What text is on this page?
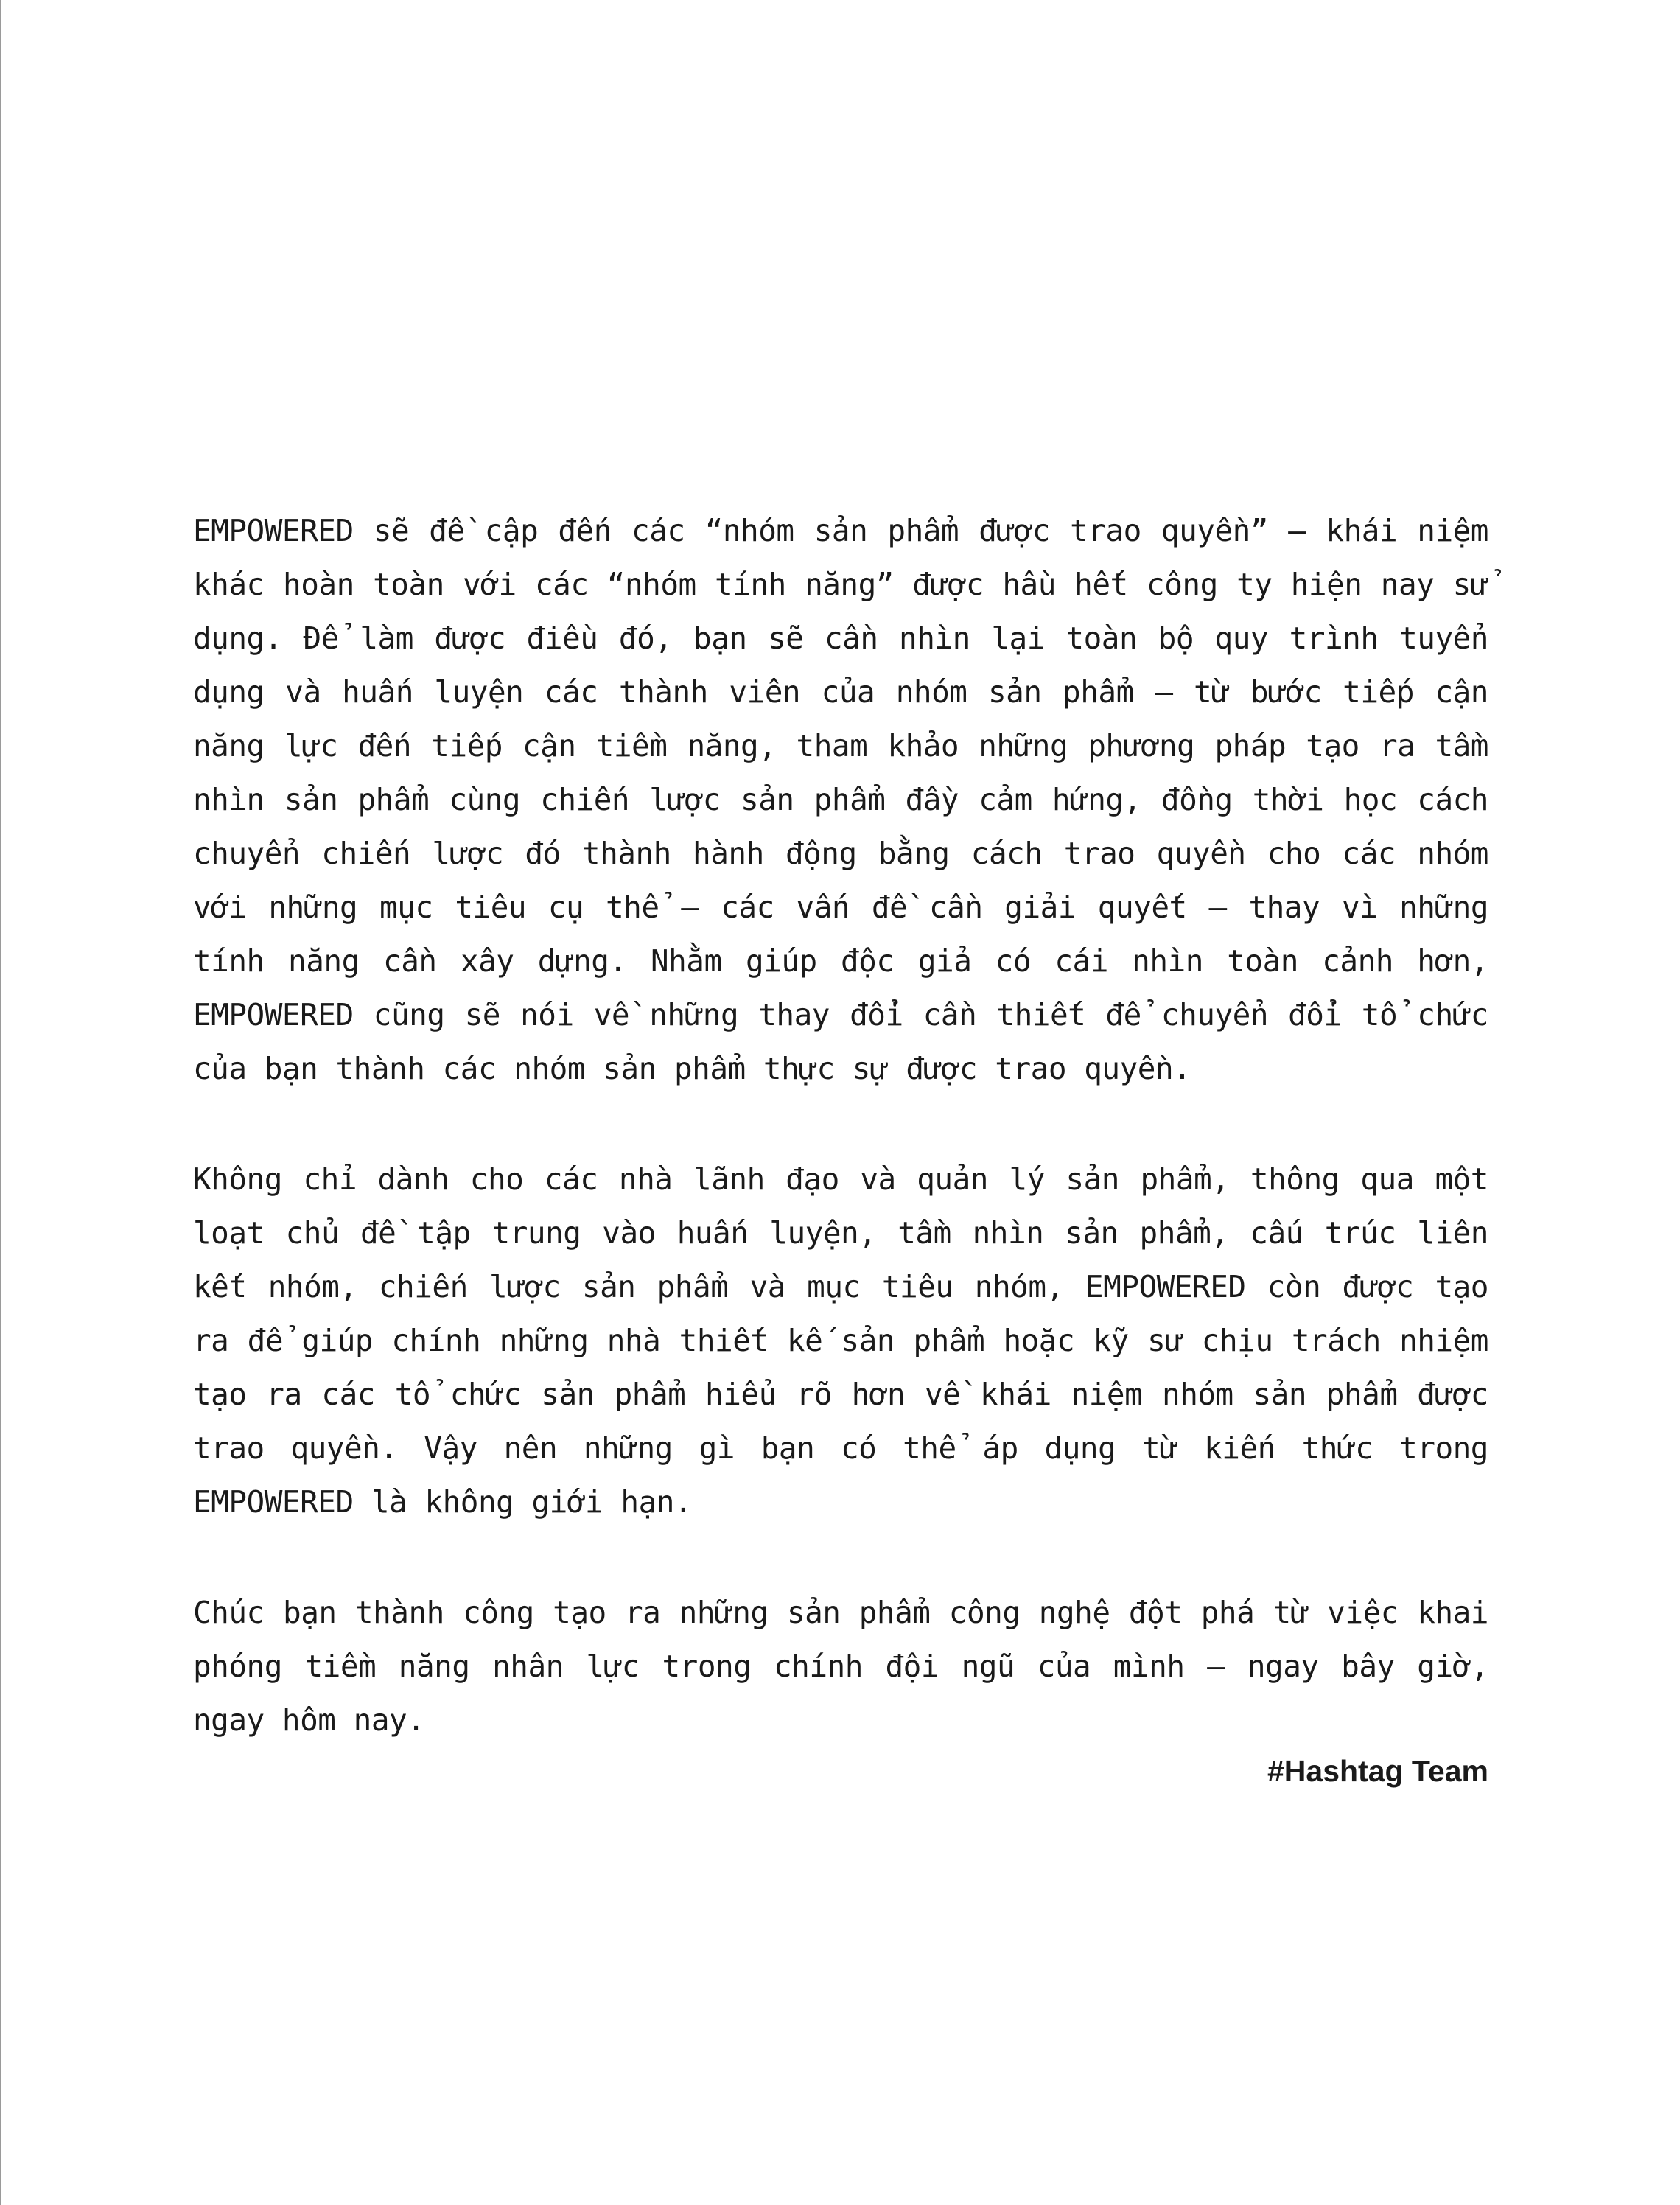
EMPOWERED sẽ đề cập đến các “nhóm sản phẩm được trao quyền” – khái niệm khác hoàn toàn với các “nhóm tính năng” được hầu hết công ty hiện nay sử dụng. Để làm được điều đó, bạn sẽ cần nhìn lại toàn bộ quy trình tuyển dụng và huấn luyện các thành viên của nhóm sản phẩm – từ bước tiếp cận năng lực đến tiếp cận tiềm năng, tham khảo những phương pháp tạo ra tầm nhìn sản phẩm cùng chiến lược sản phẩm đầy cảm hứng, đồng thời học cách chuyển chiến lược đó thành hành động bằng cách trao quyền cho các nhóm với những mục tiêu cụ thể – các vấn đề cần giải quyết – thay vì những tính năng cần xây dựng. Nhằm giúp độc giả có cái nhìn toàn cảnh hơn, EMPOWERED cũng sẽ nói về những thay đổi cần thiết để chuyển đổi tổ chức của bạn thành các nhóm sản phẩm thực sự được trao quyền.

Không chỉ dành cho các nhà lãnh đạo và quản lý sản phẩm, thông qua một loạt chủ đề tập trung vào huấn luyện, tầm nhìn sản phẩm, cấu trúc liên kết nhóm, chiến lược sản phẩm và mục tiêu nhóm, EMPOWERED còn được tạo ra để giúp chính những nhà thiết kế sản phẩm hoặc kỹ sư chịu trách nhiệm tạo ra các tổ chức sản phẩm hiểu rõ hơn về khái niệm nhóm sản phẩm được trao quyền. Vậy nên những gì bạn có thể áp dụng từ kiến thức trong EMPOWERED là không giới hạn.

Chúc bạn thành công tạo ra những sản phẩm công nghệ đột phá từ việc khai phóng tiềm năng nhân lực trong chính đội ngũ của mình – ngay bây giờ, ngay hôm nay.

#Hashtag Team
